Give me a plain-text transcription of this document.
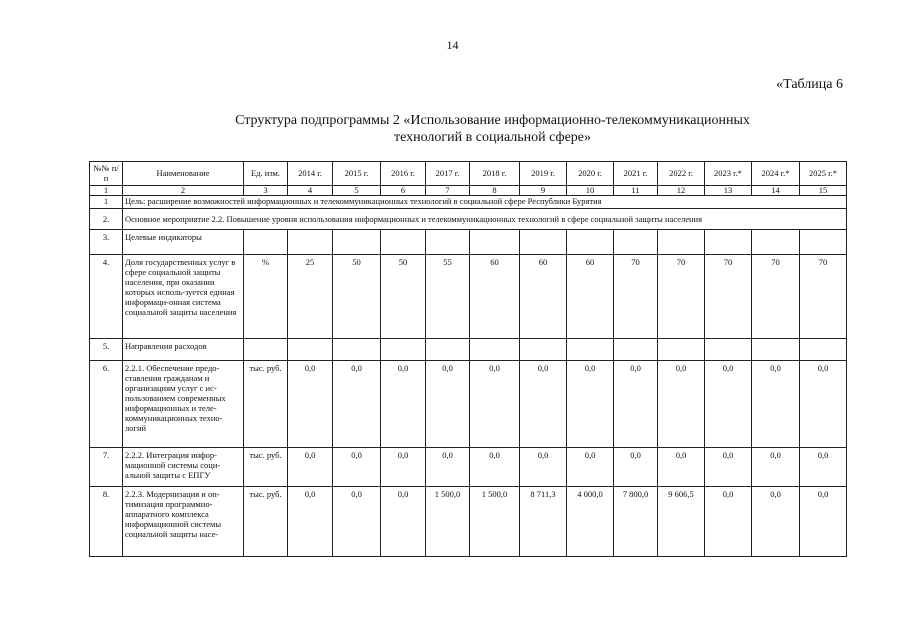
14
«Таблица 6
Структура подпрограммы 2 «Использование информационно-телекоммуникационных
технологий в социальной сфере»
№№ п/п	Наименование	Ед. изм.	2014 г.	2015 г.	2016 г.	2017 г.	2018 г.	2019 г.	2020 г.	2021 г.	2022 г.	2023 г.*	2024 г.*	2025 г.*
1	2	3	4	5	6	7	8	9	10	11	12	13	14	15
1	Цель: расширение возможностей информационных и телекоммуникационных технологий в социальной сфере Республики Бурятия													
2.	Основное мероприятие 2.2. Повышение уровня использования информационных и телекоммуникационных технологий в сфере социальной защиты населения													
3.	Целевые индикаторы													
4.	Доля государственных услуг в сфере социальной защиты населения, при оказании которых исполь-зуется единая информаци-онная система социальной защиты населения	%	25	50	50	55	60	60	60	70	70	70	70	70
5.	Направления расходов													
6.	2.2.1. Обеспечение предо-ставления гражданам и организациям услуг с ис-пользованием современных информационных и теле-коммуникационных техно-логий	тыс. руб.	0,0	0,0	0,0	0,0	0,0	0,0	0,0	0,0	0,0	0,0	0,0	0,0
7.	2.2.2. Интеграция инфор-мационной системы соци-альной защиты с ЕПГУ	тыс. руб.	0,0	0,0	0,0	0,0	0,0	0,0	0,0	0,0	0,0	0,0	0,0	0,0
8.	2.2.3. Модернизация и оп-тимизация программно-аппаратного комплекса информационной системы социальной защиты насе-	тыс. руб.	0,0	0,0	0,0	1 500,0	1 500,0	8 711,3	4 000,0	7 800,0	9 606,5	0,0	0,0	0,0
